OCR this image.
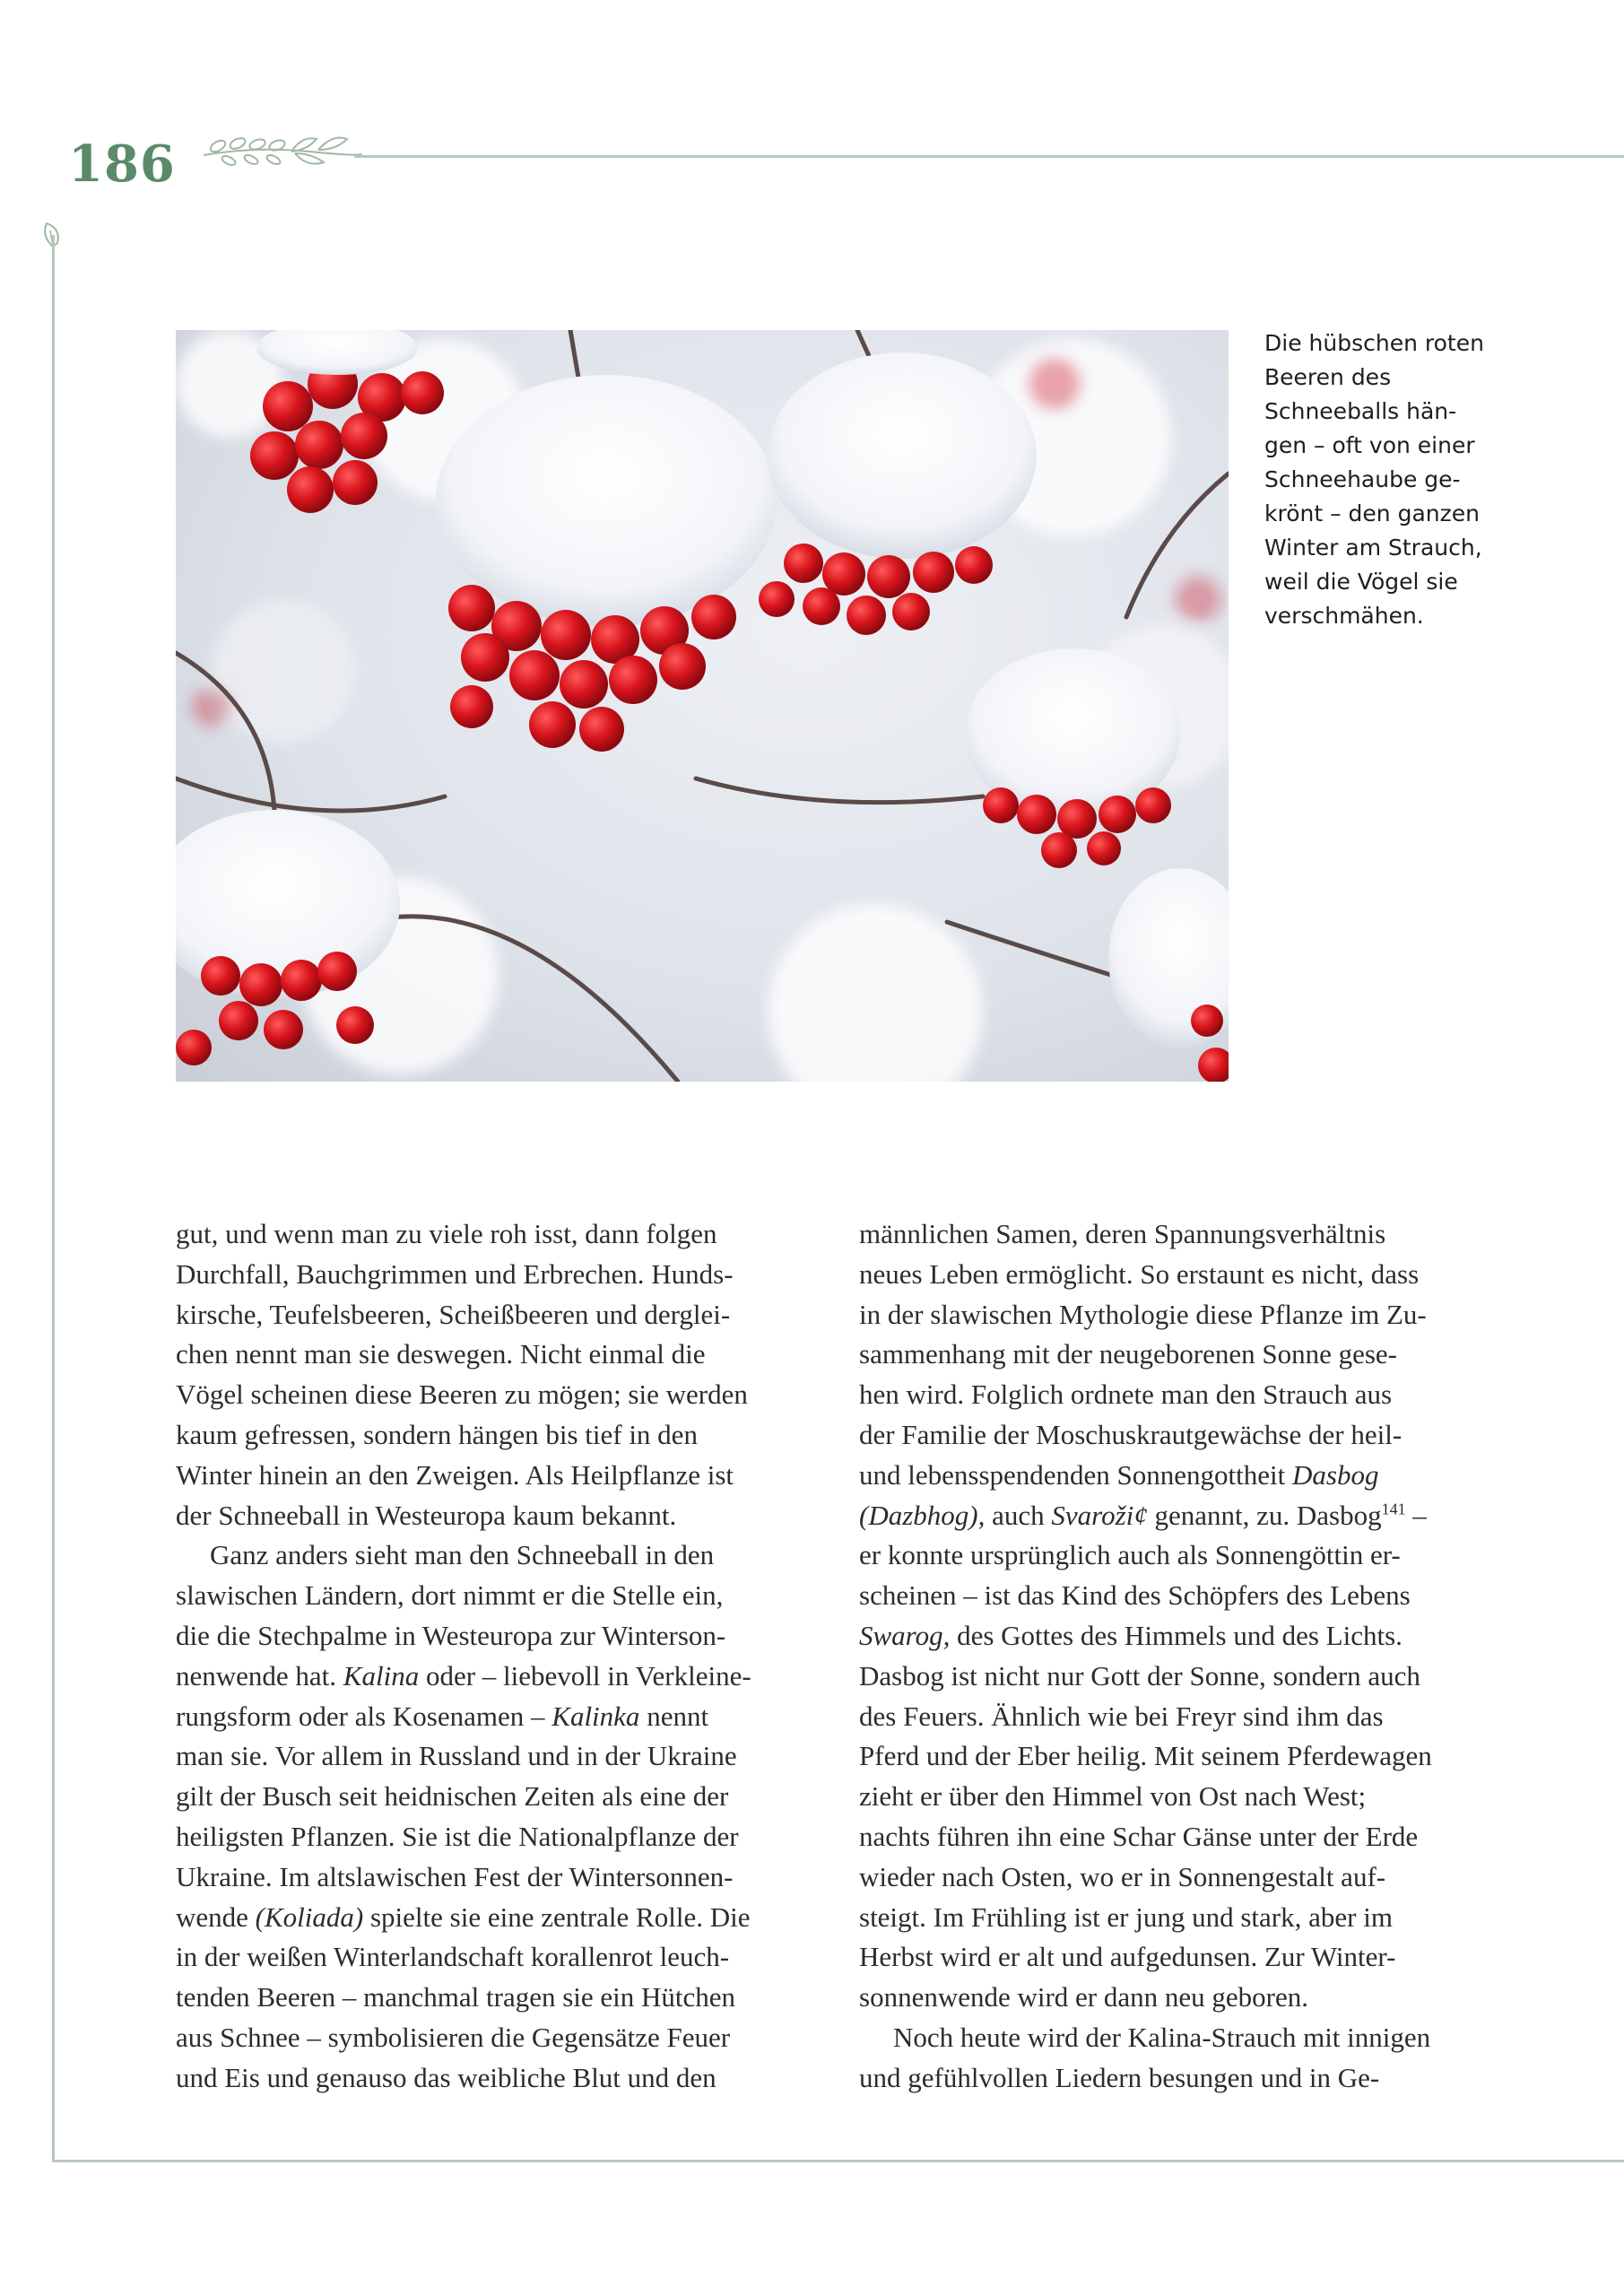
186

Die hübschen roten
Beeren des
Schneeballs hän-
gen – oft von einer
Schneehaube ge-
krönt – den ganzen
Winter am Strauch,
weil die Vögel sie
verschmähen.

gut, und wenn man zu viele roh isst, dann folgen
Durchfall, Bauchgrimmen und Erbrechen. Hunds-
kirsche, Teufelsbeeren, Scheißbeeren und derglei-
chen nennt man sie deswegen. Nicht einmal die
Vögel scheinen diese Beeren zu mögen; sie werden
kaum gefressen, sondern hängen bis tief in den
Winter hinein an den Zweigen. Als Heilpflanze ist
der Schneeball in Westeuropa kaum bekannt.
Ganz anders sieht man den Schneeball in den
slawischen Ländern, dort nimmt er die Stelle ein,
die die Stechpalme in Westeuropa zur Winterson-
nenwende hat. Kalina oder – liebevoll in Verkleine-
rungsform oder als Kosenamen – Kalinka nennt
man sie. Vor allem in Russland und in der Ukraine
gilt der Busch seit heidnischen Zeiten als eine der
heiligsten Pflanzen. Sie ist die Nationalpflanze der
Ukraine. Im altslawischen Fest der Wintersonnen-
wende (Koliada) spielte sie eine zentrale Rolle. Die
in der weißen Winterlandschaft korallenrot leuch-
tenden Beeren – manchmal tragen sie ein Hütchen
aus Schnee – symbolisieren die Gegensätze Feuer
und Eis und genauso das weibliche Blut und den
männlichen Samen, deren Spannungsverhältnis
neues Leben ermöglicht. So erstaunt es nicht, dass
in der slawischen Mythologie diese Pflanze im Zu-
sammenhang mit der neugeborenen Sonne gese-
hen wird. Folglich ordnete man den Strauch aus
der Familie der Moschuskrautgewächse der heil-
und lebensspendenden Sonnengottheit Dasbog
(Dazbhog), auch Svaroži¢ genannt, zu. Dasbog$^{141}$ –
er konnte ursprünglich auch als Sonnengöttin er-
scheinen – ist das Kind des Schöpfers des Lebens
Swarog, des Gottes des Himmels und des Lichts.
Dasbog ist nicht nur Gott der Sonne, sondern auch
des Feuers. Ähnlich wie bei Freyr sind ihm das
Pferd und der Eber heilig. Mit seinem Pferdewagen
zieht er über den Himmel von Ost nach West;
nachts führen ihn eine Schar Gänse unter der Erde
wieder nach Osten, wo er in Sonnengestalt auf-
steigt. Im Frühling ist er jung und stark, aber im
Herbst wird er alt und aufgedunsen. Zur Winter-
sonnenwende wird er dann neu geboren.
Noch heute wird der Kalina-Strauch mit innigen
und gefühlvollen Liedern besungen und in Ge-
